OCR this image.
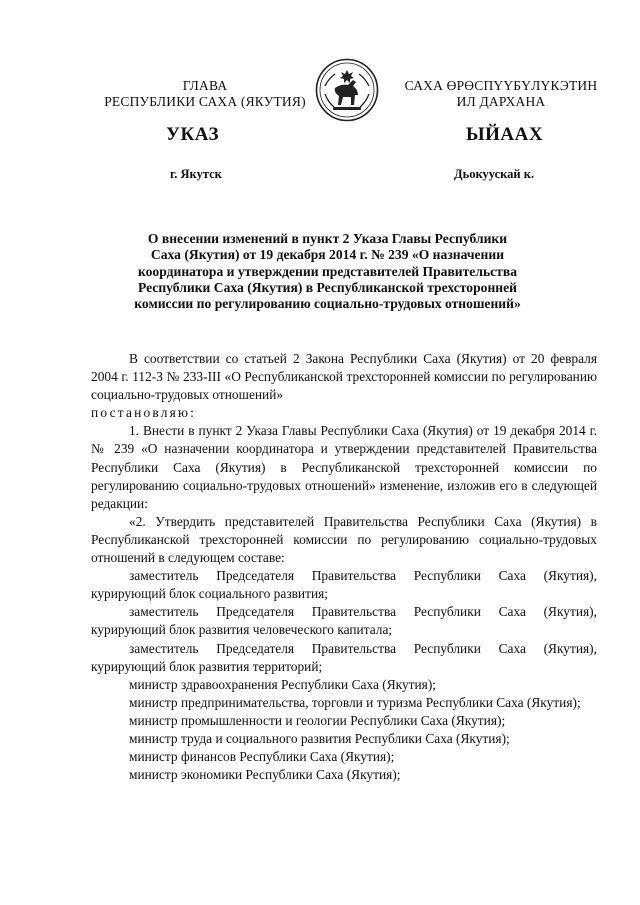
ГЛАВА
РЕСПУБЛИКИ САХА (ЯКУТИЯ)
САХА ӨРӨСПҮҮБҮЛҮКЭТИН
ИЛ ДАРХАНА
УКАЗ	ЫЙААХ
г. Якутск	Дьокуускай к.
О внесении изменений в пункт 2 Указа Главы Республики
Саха (Якутия) от 19 декабря 2014 г. № 239 «О назначении
координатора и утверждении представителей Правительства
Республики Саха (Якутия) в Республиканской трехсторонней
комиссии по регулированию социально-трудовых отношений»

В соответствии со статьей 2 Закона Республики Саха (Якутия) от 20 февраля 2004 г. 112-З № 233-III «О Республиканской трехсторонней комиссии по регулированию социально-трудовых отношений»

постановляю:

1. Внести в пункт 2 Указа Главы Республики Саха (Якутия) от 19 декабря 2014 г. № 239 «О назначении координатора и утверждении представителей Правительства Республики Саха (Якутия) в Республиканской трехсторонней комиссии по регулированию социально-трудовых отношений» изменение, изложив его в следующей редакции:

«2. Утвердить представителей Правительства Республики Саха (Якутия) в Республиканской трехсторонней комиссии по регулированию социально-трудовых отношений в следующем составе:

заместитель Председателя Правительства Республики Саха (Якутия), курирующий блок социального развития;

заместитель Председателя Правительства Республики Саха (Якутия), курирующий блок развития человеческого капитала;

заместитель Председателя Правительства Республики Саха (Якутия), курирующий блок развития территорий;

министр здравоохранения Республики Саха (Якутия);

министр предпринимательства, торговли и туризма Республики Саха (Якутия);

министр промышленности и геологии Республики Саха (Якутия);

министр труда и социального развития Республики Саха (Якутия);

министр финансов Республики Саха (Якутия);

министр экономики Республики Саха (Якутия);
